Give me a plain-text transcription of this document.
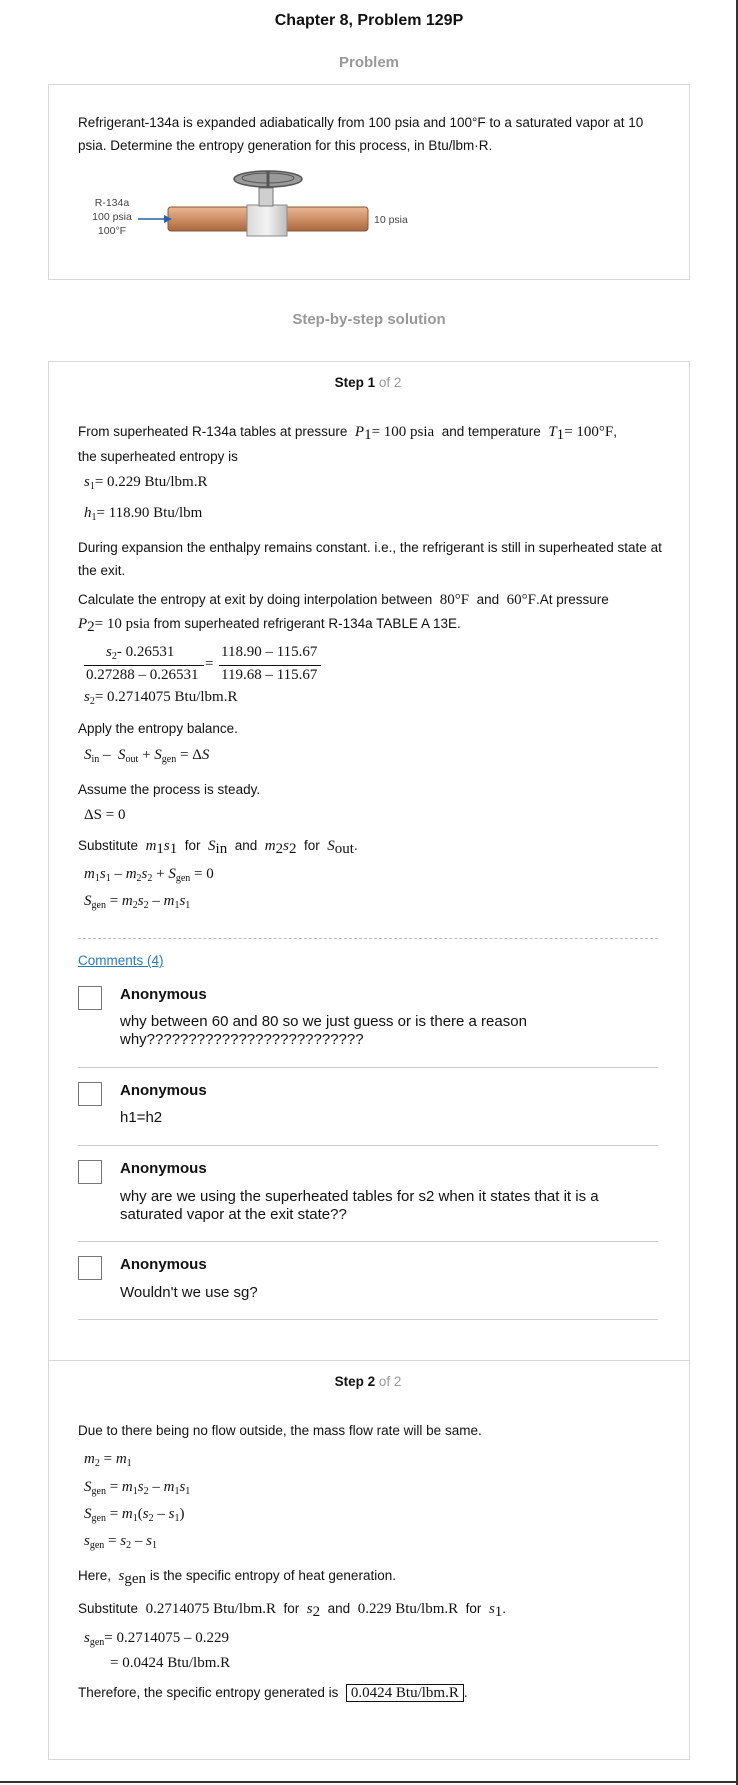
Chapter 8, Problem 129P
Problem
Refrigerant-134a is expanded adiabatically from 100 psia and 100°F to a saturated vapor at 10 psia. Determine the entropy generation for this process, in Btu/lbm·R.
R-134a
100 psia
100°F
10 psia
Step-by-step solution
Step 1 of 2
From superheated R-134a tables at pressure $P_1= 100$ psia and temperature $T_1= 100^\circ F$,
the superheated entropy is
$s_1= 0.229$ Btu/lbm.R
$h_1= 118.90$ Btu/lbm
During expansion the enthalpy remains constant. i.e., the refrigerant is still in superheated state at the exit.
Calculate the entropy at exit by doing interpolation between 80°F and 60°F.At pressure
$P_2= 10$ psia from superheated refrigerant R-134a TABLE A 13E.
$s_2-$ 0.26531
0.27288 – 0.26531
=
118.90 – 115.67
119.68 – 115.67
$s_2= 0.2714075$ Btu/lbm.R
Apply the entropy balance.
$S_{in} - S_{out} + S_{gen} = \Delta S$
Assume the process is steady.
ΔS = 0
Substitute $m_1s_1$ for $S_{in}$ and $m_2s_2$ for $S_{out}$.
$m_1s_1 - m_2s_2 + S_{gen} = 0$
$S_{gen} = m_2s_2 - m_1s_1$
Comments (4)
Anonymous
why between 60 and 80 so we just guess or is there a reason why??????????????????????????
Anonymous
h1=h2
Anonymous
why are we using the superheated tables for s2 when it states that it is a saturated vapor at the exit state??
Anonymous
Wouldn't we use sg?
Step 2 of 2
Due to there being no flow outside, the mass flow rate will be same.
$m_2 = m_1$
$S_{gen} = m_1s_2 - m_1s_1$
$S_{gen} = m_1(s_2 - s_1)$
$s_{gen} = s_2 - s_1$
Here, $s_{gen}$ is the specific entropy of heat generation.
Substitute 0.2714075 Btu/lbm.R for $s_2$ and 0.229 Btu/lbm.R for $s_1$.
$s_{gen}= 0.2714075 - 0.229$
= 0.0424 Btu/lbm.R
Therefore, the specific entropy generated is 0.0424 Btu/lbm.R .
